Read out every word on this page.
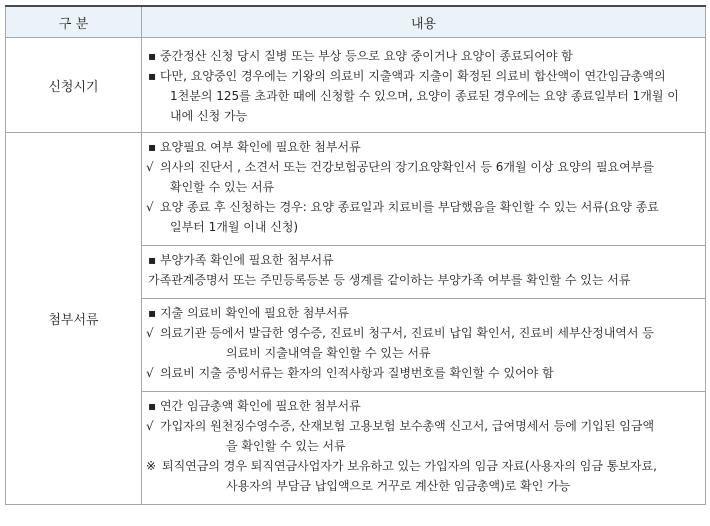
구 분	내용
신청시기	▪ 중간정산 신청 당시 질병 또는 부상 등으로 요양 중이거나 요양이 종료되어야 함

▪ 다만, 요양중인 경우에는 기왕의 의료비 지출액과 지출이 확정된 의료비 합산액이 연간임금총액의

1천분의 125를 초과한 때에 신청할 수 있으며, 요양이 종료된 경우에는 요양 종료일부터 1개월 이

내에 신청 가능

첨부서류	▪ 요양필요 여부 확인에 필요한 첨부서류

√ 의사의 진단서 , 소견서 또는 건강보험공단의 장기요양확인서 등 6개월 이상 요양의 필요여부를

확인할 수 있는 서류

√ 요양 종료 후 신청하는 경우: 요양 종료일과 치료비를 부담했음을 확인할 수 있는 서류(요양 종료

일부터 1개월 이내 신청)

	▪ 부양가족 확인에 필요한 첨부서류

가족관계증명서 또는 주민등록등본 등 생계를 같이하는 부양가족 여부를 확인할 수 있는 서류

	▪ 지출 의료비 확인에 필요한 첨부서류

√ 의료기관 등에서 발급한 영수증, 진료비 청구서, 진료비 납입 확인서, 진료비 세부산정내역서 등

의료비 지출내역을 확인할 수 있는 서류

√ 의료비 지출 증빙서류는 환자의 인적사항과 질병번호를 확인할 수 있어야 함

	▪ 연간 임금총액 확인에 필요한 첨부서류

√ 가입자의 원천징수영수증, 산재보험 고용보험 보수총액 신고서, 급여명세서 등에 기입된 임금액

을 확인할 수 있는 서류

※ 퇴직연금의 경우 퇴직연금사업자가 보유하고 있는 가입자의 임금 자료(사용자의 임금 통보자료,

사용자의 부담금 납입액으로 거꾸로 계산한 임금총액)로 확인 가능
